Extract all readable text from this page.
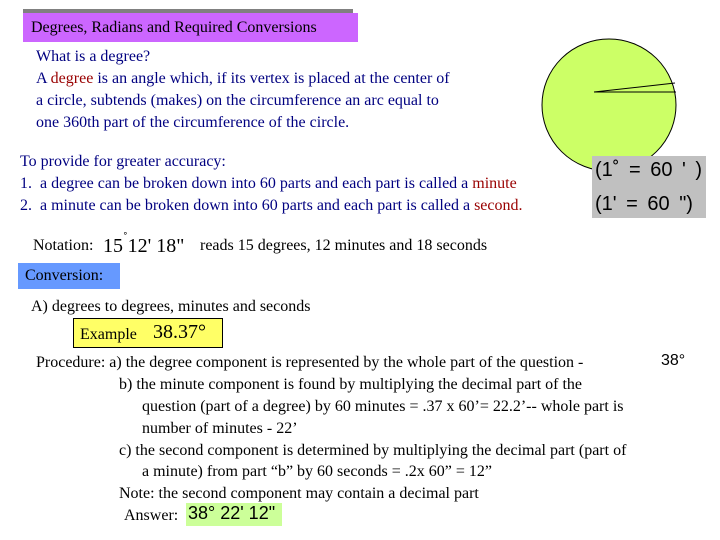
Degrees, Radians and Required Conversions
What is a degree?
A degree is an angle which, if its vertex is placed at the center of
a circle, subtends (makes) on the circumference an arc equal to
one 360th part of the circumference of the circle.
To provide for greater accuracy:
1. a degree can be broken down into 60 parts and each part is called a minute
2. a minute can be broken down into 60 parts and each part is called a second.
(1˚ = 60 ' )
(1' = 60 ")
Notation: 15˚12' 18" reads 15 degrees, 12 minutes and 18 seconds
Conversion:
A) degrees to degrees, minutes and seconds
Example 38.37°
Procedure: a) the degree component is represented by the whole part of the question -	38°
b) the minute component is found by multiplying the decimal part of the
question (part of a degree) by 60 minutes = .37 x 60’= 22.2’-- whole part is
number of minutes - 22’
c) the second component is determined by multiplying the decimal part (part of
a minute) from part “b” by 60 seconds = .2x 60” = 12”
Note: the second component may contain a decimal part
Answer: 38° 22' 12"
